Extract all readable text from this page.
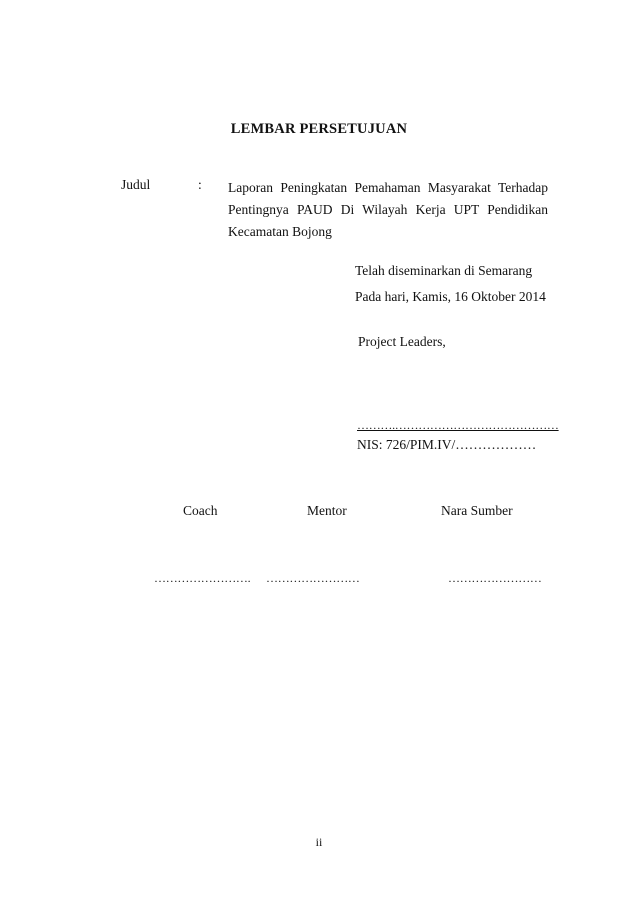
LEMBAR PERSETUJUAN
Judul	: Laporan Peningkatan Pemahaman Masyarakat Terhadap
Pentingnya PAUD Di Wilayah Kerja UPT Pendidikan
Kecamatan Bojong
Telah diseminarkan di Semarang
Pada hari, Kamis, 16 Oktober 2014
Project Leaders,
……….……………………………………
NIS: 726/PIM.IV/………………
Coach	Mentor	Nara Sumber
……………………. ……………………	……………………
ii
